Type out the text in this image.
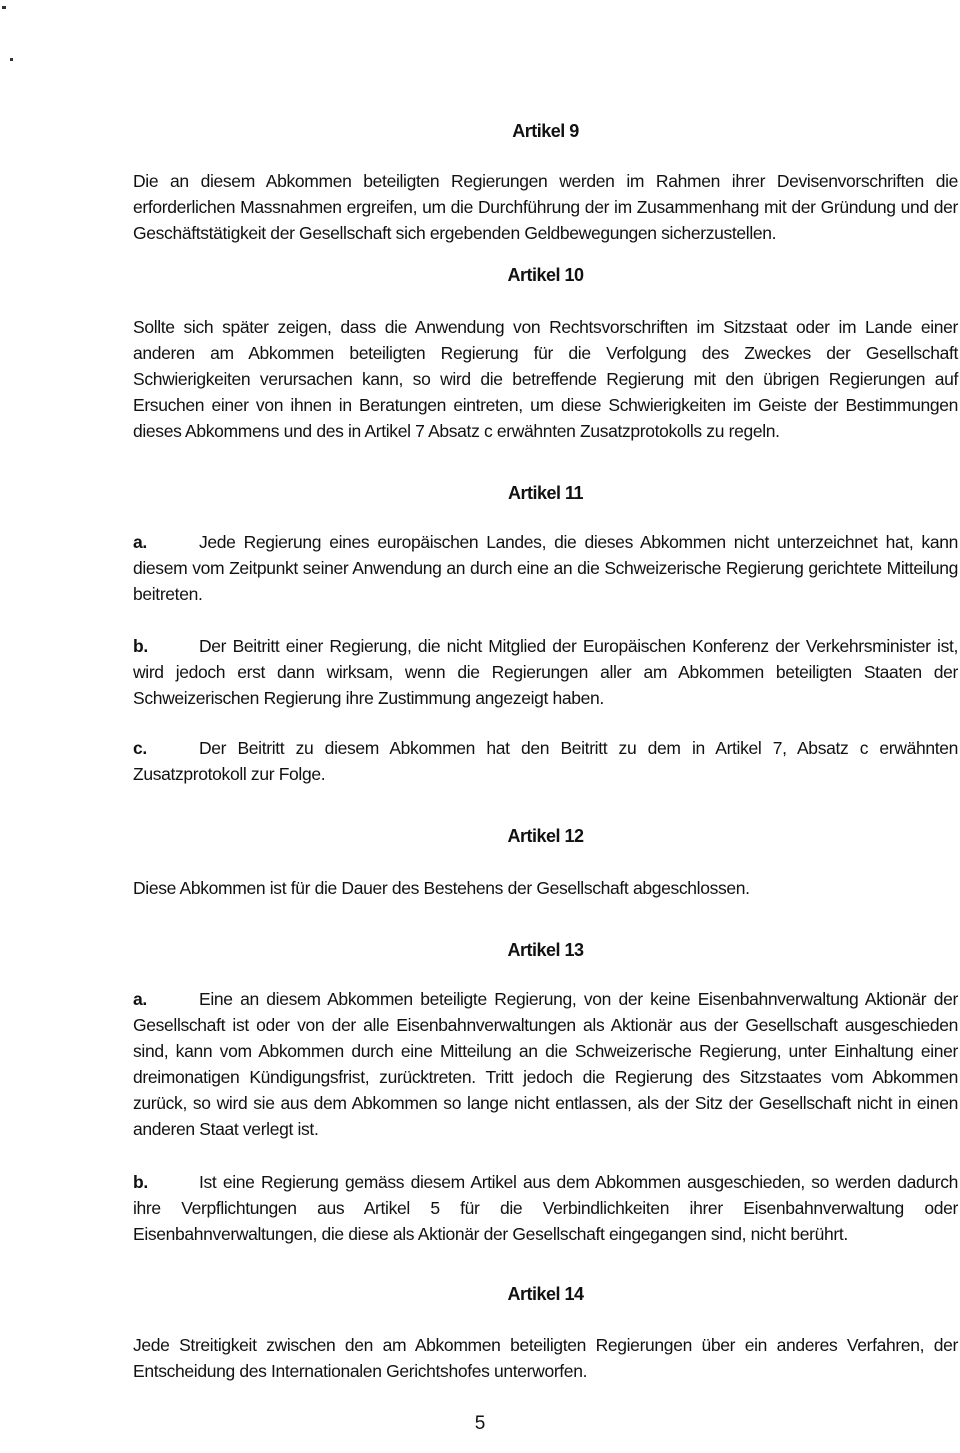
Artikel 9

Die an diesem Abkommen beteiligten Regierungen werden im Rahmen ihrer Devisenvorschriften die erforderlichen Massnahmen ergreifen, um die Durchführung der im Zusammenhang mit der Gründung und der Geschäftstätigkeit der Gesellschaft sich ergebenden Geldbewegungen sicherzustellen.

Artikel 10

Sollte sich später zeigen, dass die Anwendung von Rechtsvorschriften im Sitzstaat oder im Lande einer anderen am Abkommen beteiligten Regierung für die Verfolgung des Zweckes der Gesellschaft Schwierigkeiten verursachen kann, so wird die betreffende Regierung mit den übrigen Regierungen auf Ersuchen einer von ihnen in Beratungen eintreten, um diese Schwierigkeiten im Geiste der Bestimmungen dieses Abkommens und des in Artikel 7 Absatz c erwähnten Zusatzprotokolls zu regeln.

Artikel 11

a.	Jede Regierung eines europäischen Landes, die dieses Abkommen nicht unterzeichnet hat, kann diesem vom Zeitpunkt seiner Anwendung an durch eine an die Schweizerische Regierung gerichtete Mitteilung beitreten.

b.	Der Beitritt einer Regierung, die nicht Mitglied der Europäischen Konferenz der Verkehrsminister ist, wird jedoch erst dann wirksam, wenn die Regierungen aller am Abkommen beteiligten Staaten der Schweizerischen Regierung ihre Zustimmung angezeigt haben.

c.	Der Beitritt zu diesem Abkommen hat den Beitritt zu dem in Artikel 7, Absatz c erwähnten Zusatzprotokoll zur Folge.

Artikel 12

Diese Abkommen ist für die Dauer des Bestehens der Gesellschaft abgeschlossen.

Artikel 13

a.	Eine an diesem Abkommen beteiligte Regierung, von der keine Eisenbahnverwaltung Aktionär der Gesellschaft ist oder von der alle Eisenbahnverwaltungen als Aktionär aus der Gesellschaft ausgeschieden sind, kann vom Abkommen durch eine Mitteilung an die Schweizerische Regierung, unter Einhaltung einer dreimonatigen Kündigungsfrist, zurücktreten. Tritt jedoch die Regierung des Sitzstaates vom Abkommen zurück, so wird sie aus dem Abkommen so lange nicht entlassen, als der Sitz der Gesellschaft nicht in einen anderen Staat verlegt ist.

b.	Ist eine Regierung gemäss diesem Artikel aus dem Abkommen ausgeschieden, so werden dadurch ihre Verpflichtungen aus Artikel 5 für die Verbindlichkeiten ihrer Eisenbahnverwaltung oder Eisenbahnverwaltungen, die diese als Aktionär der Gesellschaft eingegangen sind, nicht berührt.

Artikel 14

Jede Streitigkeit zwischen den am Abkommen beteiligten Regierungen über ein anderes Verfahren, der Entscheidung des Internationalen Gerichtshofes unterworfen.

5
